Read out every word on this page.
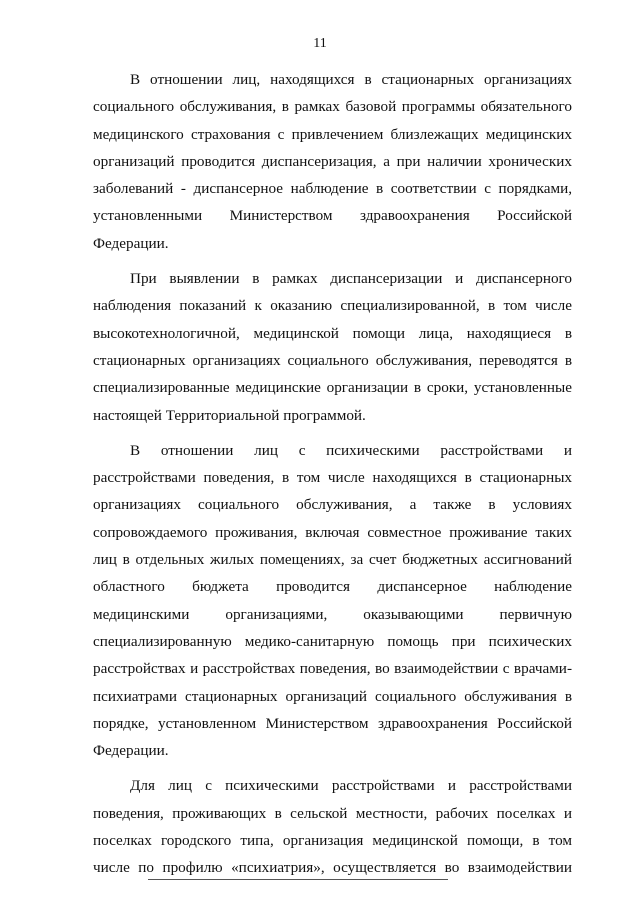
11

В отношении лиц, находящихся в стационарных организациях
социального обслуживания, в рамках базовой программы обязательного
медицинского страхования с привлечением близлежащих медицинских
организаций проводится диспансеризация, а при наличии хронических
заболеваний - диспансерное наблюдение в соответствии с порядками,
установленными Министерством здравоохранения Российской
Федерации.

При выявлении в рамках диспансеризации и диспансерного
наблюдения показаний к оказанию специализированной, в том числе
высокотехнологичной, медицинской помощи лица, находящиеся в
стационарных организациях социального обслуживания, переводятся в
специализированные медицинские организации в сроки, установленные
настоящей Территориальной программой.

В отношении лиц с психическими расстройствами и
расстройствами поведения, в том числе находящихся в стационарных
организациях социального обслуживания, а также в условиях
сопровождаемого проживания, включая совместное проживание таких
лиц в отдельных жилых помещениях, за счет бюджетных ассигнований
областного бюджета проводится диспансерное наблюдение
медицинскими организациями, оказывающими первичную
специализированную медико-санитарную помощь при психических
расстройствах и расстройствах поведения, во взаимодействии с врачами-
психиатрами стационарных организаций социального обслуживания в
порядке, установленном Министерством здравоохранения Российской
Федерации.

Для лиц с психическими расстройствами и расстройствами
поведения, проживающих в сельской местности, рабочих поселках и
поселках городского типа, организация медицинской помощи, в том
числе по профилю «психиатрия», осуществляется во взаимодействии
